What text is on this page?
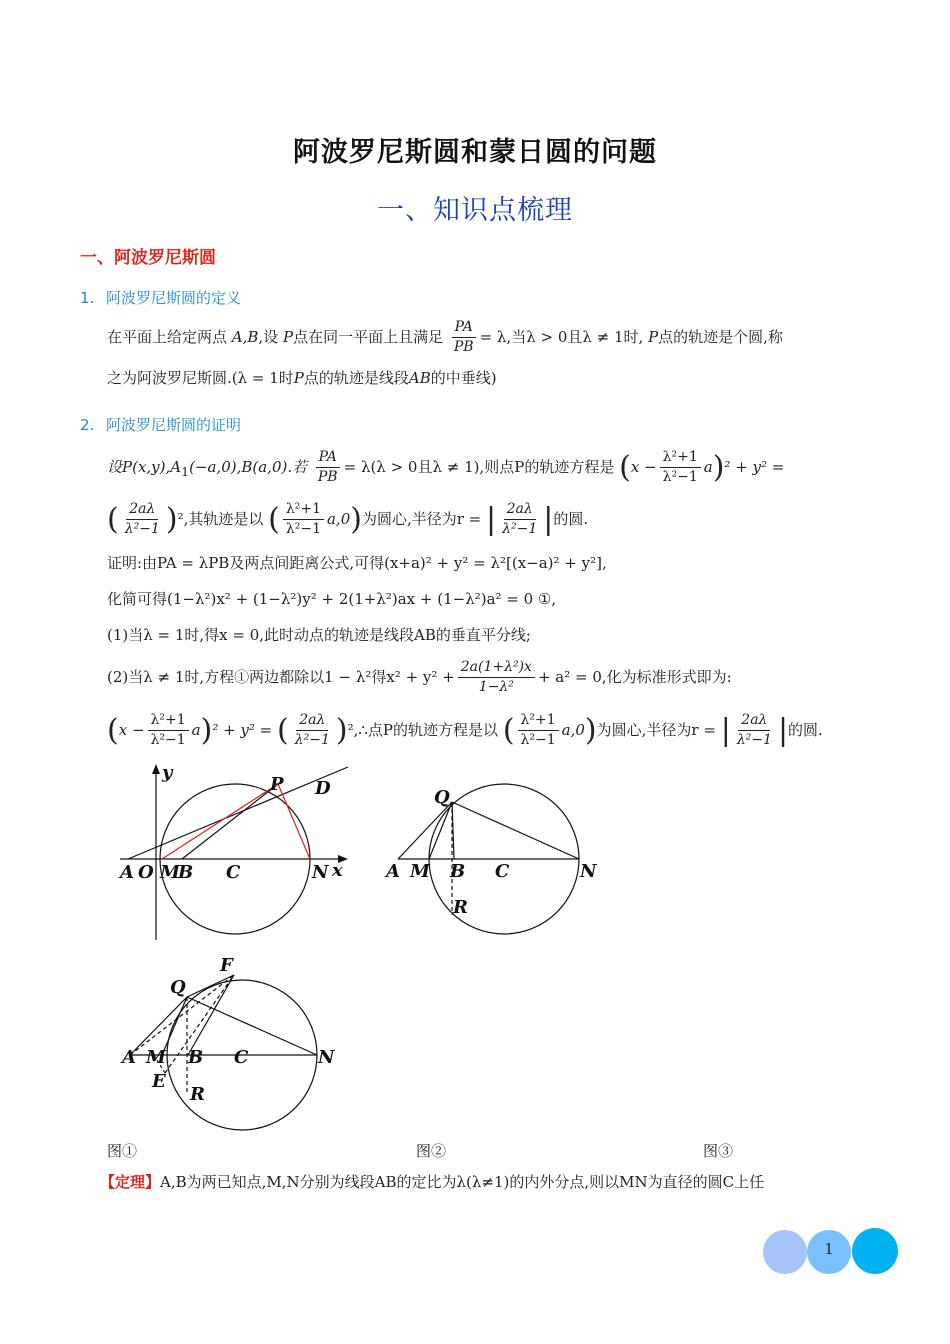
阿波罗尼斯圆和蒙日圆的问题
一、知识点梳理
一、阿波罗尼斯圆
1. 阿波罗尼斯圆的定义
在平面上给定两点 A,B,设 P点在同一平面上且满足 $\frac{PA}{PB} = \lambda$,当λ > 0且λ ≠ 1时, P点的轨迹是个圆,称
之为阿波罗尼斯圆.(λ = 1时P点的轨迹是线段AB的中垂线)
2. 阿波罗尼斯圆的证明
设$P(x,y),A_1(-a,0),B(a,0)$.若 $\frac{PA}{PB} = \lambda(\lambda > 0$且λ ≠ 1),则点P的轨迹方程是 $(x - \frac{\text{λ²+1}}{\text{λ²−1}} a)^2 + y^2$ =
( $\frac{2a\lambda}{\text{λ²−1}} )^2$,其轨迹是以 ( $\frac{\text{λ²+1}}{\text{λ²−1}} a,0$)为圆心,半径为r = | $\frac{2a\lambda}{\text{λ²−1}}$ |的圆.
证明:由PA = λPB及两点间距离公式,可得(x+a)² + y² = λ²[(x−a)² + y²],
化简可得(1−λ²)x² + (1−λ²)y² + 2(1+λ²)ax + (1−λ²)a² = 0 ①,
(1)当λ = 1时,得x = 0,此时动点的轨迹是线段AB的垂直平分线;
(2)当λ ≠ 1时,方程①两边都除以1 − λ²得$x^2 + y^2 + \frac{\text{2a(1+λ²)x}}{\text{1−λ²}} + a^2 = 0$,化为标准形式即为:
$(x - \frac{\text{λ²+1}}{\text{λ²−1}} a)^2 + y^2$ = ( $\frac{2a\lambda}{\text{λ²−1}}$ )²,∴点P的轨迹方程是以 ( $\frac{\text{λ²+1}}{\text{λ²−1}} a,0$)为圆心,半径为r = | $\frac{2a\lambda}{\text{λ²−1}}$ |的圆.
y
P D
A O M
B C	N x
Q
A M B C	N
R
F
Q
A M B C	N
E
R
图①	图②	图③
【定理】A,B为两已知点,M,N分别为线段AB的定比为λ(λ≠1)的内外分点,则以MN为直径的圆C上任
1
